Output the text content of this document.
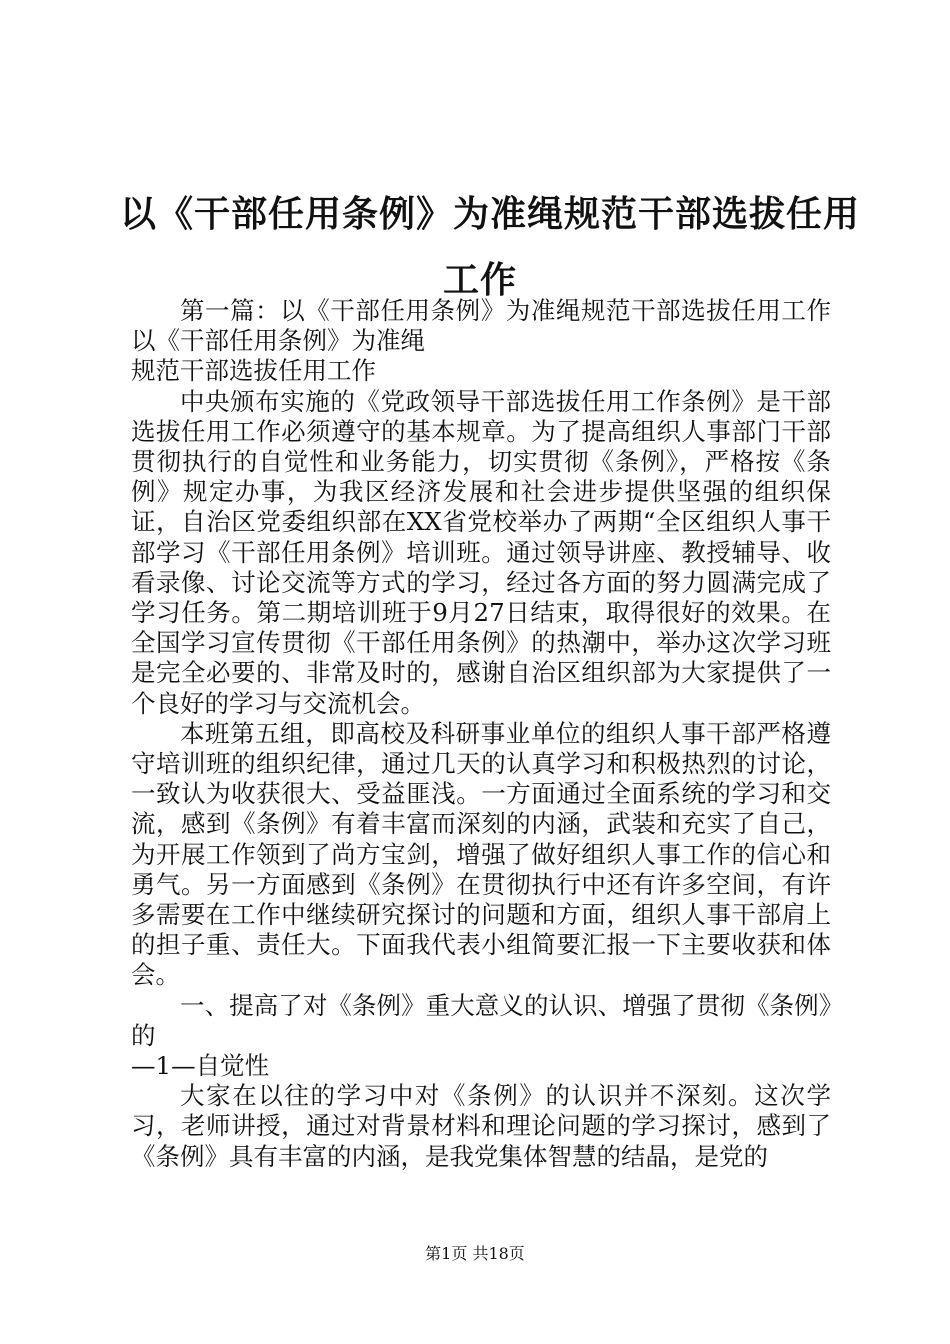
以《干部任用条例》为准绳规范干部选拔任用
工作

第一篇：以《干部任用条例》为准绳规范干部选拔任用工作以《干部任用条例》为准绳

规范干部选拔任用工作

中央颁布实施的《党政领导干部选拔任用工作条例》是干部选拔任用工作必须遵守的基本规章。为了提高组织人事部门干部贯彻执行的自觉性和业务能力，切实贯彻《条例》，严格按《条例》规定办事，为我区经济发展和社会进步提供坚强的组织保证，自治区党委组织部在XX省党校举办了两期“全区组织人事干部学习《干部任用条例》培训班。通过领导讲座、教授辅导、收看录像、讨论交流等方式的学习，经过各方面的努力圆满完成了学习任务。第二期培训班于9月27日结束，取得很好的效果。在全国学习宣传贯彻《干部任用条例》的热潮中，举办这次学习班是完全必要的、非常及时的，感谢自治区组织部为大家提供了一个良好的学习与交流机会。

本班第五组，即高校及科研事业单位的组织人事干部严格遵守培训班的组织纪律，通过几天的认真学习和积极热烈的讨论，一致认为收获很大、受益匪浅。一方面通过全面系统的学习和交流，感到《条例》有着丰富而深刻的内涵，武装和充实了自己，为开展工作领到了尚方宝剑，增强了做好组织人事工作的信心和勇气。另一方面感到《条例》在贯彻执行中还有许多空间，有许多需要在工作中继续研究探讨的问题和方面，组织人事干部肩上的担子重、责任大。下面我代表小组简要汇报一下主要收获和体会。

一、提高了对《条例》重大意义的认识、增强了贯彻《条例》的

—1—自觉性

大家在以往的学习中对《条例》的认识并不深刻。这次学习，老师讲授，通过对背景材料和理论问题的学习探讨，感到了《条例》具有丰富的内涵，是我党集体智慧的结晶，是党的

第1页 共18页
